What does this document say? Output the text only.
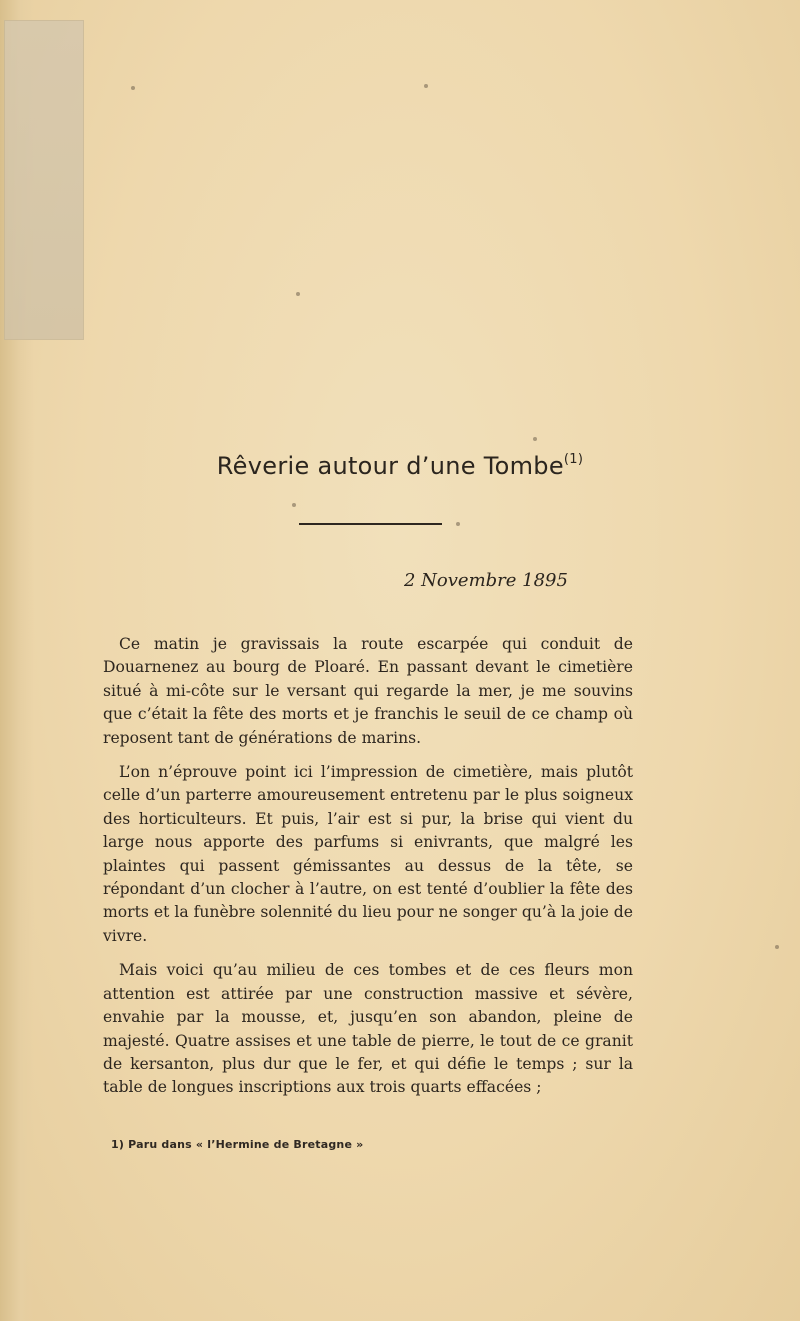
Rêverie autour d’une Tombe$^{(1)}$
2 Novembre 1895

Ce matin je gravissais la route escarpée qui conduit de Douarnenez au bourg de Ploaré. En passant devant le cimetière situé à mi-côte sur le versant qui regarde la mer, je me souvins que c’était la fête des morts et je franchis le seuil de ce champ où reposent tant de générations de marins.

L’on n’éprouve point ici l’impression de cimetière, mais plutôt celle d’un parterre amoureusement entretenu par le plus soigneux des horticulteurs. Et puis, l’air est si pur, la brise qui vient du large nous apporte des parfums si enivrants, que malgré les plaintes qui passent gémissantes au dessus de la tête, se répondant d’un clocher à l’autre, on est tenté d’oublier la fête des morts et la funèbre solennité du lieu pour ne songer qu’à la joie de vivre.

Mais voici qu’au milieu de ces tombes et de ces fleurs mon attention est attirée par une construction massive et sévère, envahie par la mousse, et, jusqu’en son abandon, pleine de majesté. Quatre assises et une table de pierre, le tout de ce granit de kersanton, plus dur que le fer, et qui défie le temps ; sur la table de longues inscriptions aux trois quarts effacées ;

1) Paru dans « l’Hermine de Bretagne »
